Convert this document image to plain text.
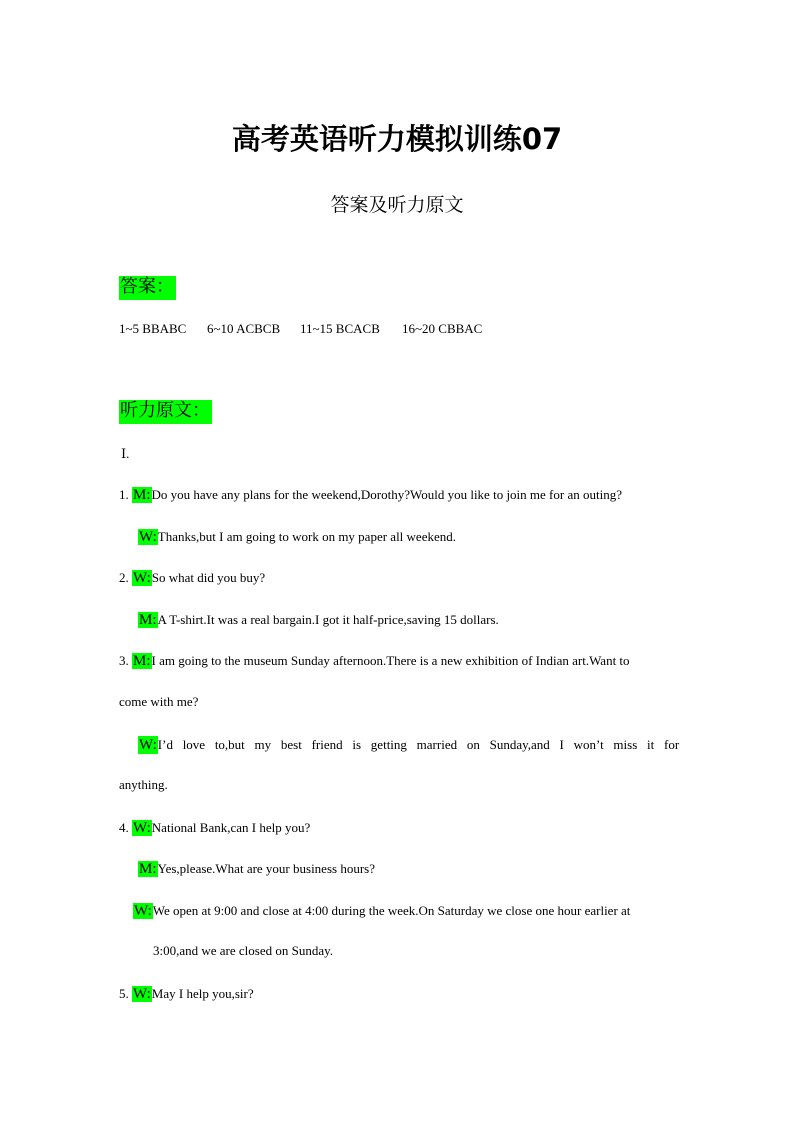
高考英语听力模拟训练07
答案及听力原文
答案：
1~5 BBABC 6~10 ACBCB 11~15 BCACB 16~20 CBBAC
听力原文：
Ⅰ.
1. M:Do you have any plans for the weekend,Dorothy?Would you like to join me for an outing?
W:Thanks,but I am going to work on my paper all weekend.
2. W:So what did you buy?
M:A T-shirt.It was a real bargain.I got it half-price,saving 15 dollars.
3. M:I am going to the museum Sunday afternoon.There is a new exhibition of Indian art.Want to
come with me?
W: I’d love to,but my best friend is getting married on Sunday,and I won’t miss it for
anything.
4. W:National Bank,can I help you?
M:Yes,please.What are your business hours?
W:We open at 9:00 and close at 4:00 during the week.On Saturday we close one hour earlier at
3:00,and we are closed on Sunday.
5. W:May I help you,sir?
